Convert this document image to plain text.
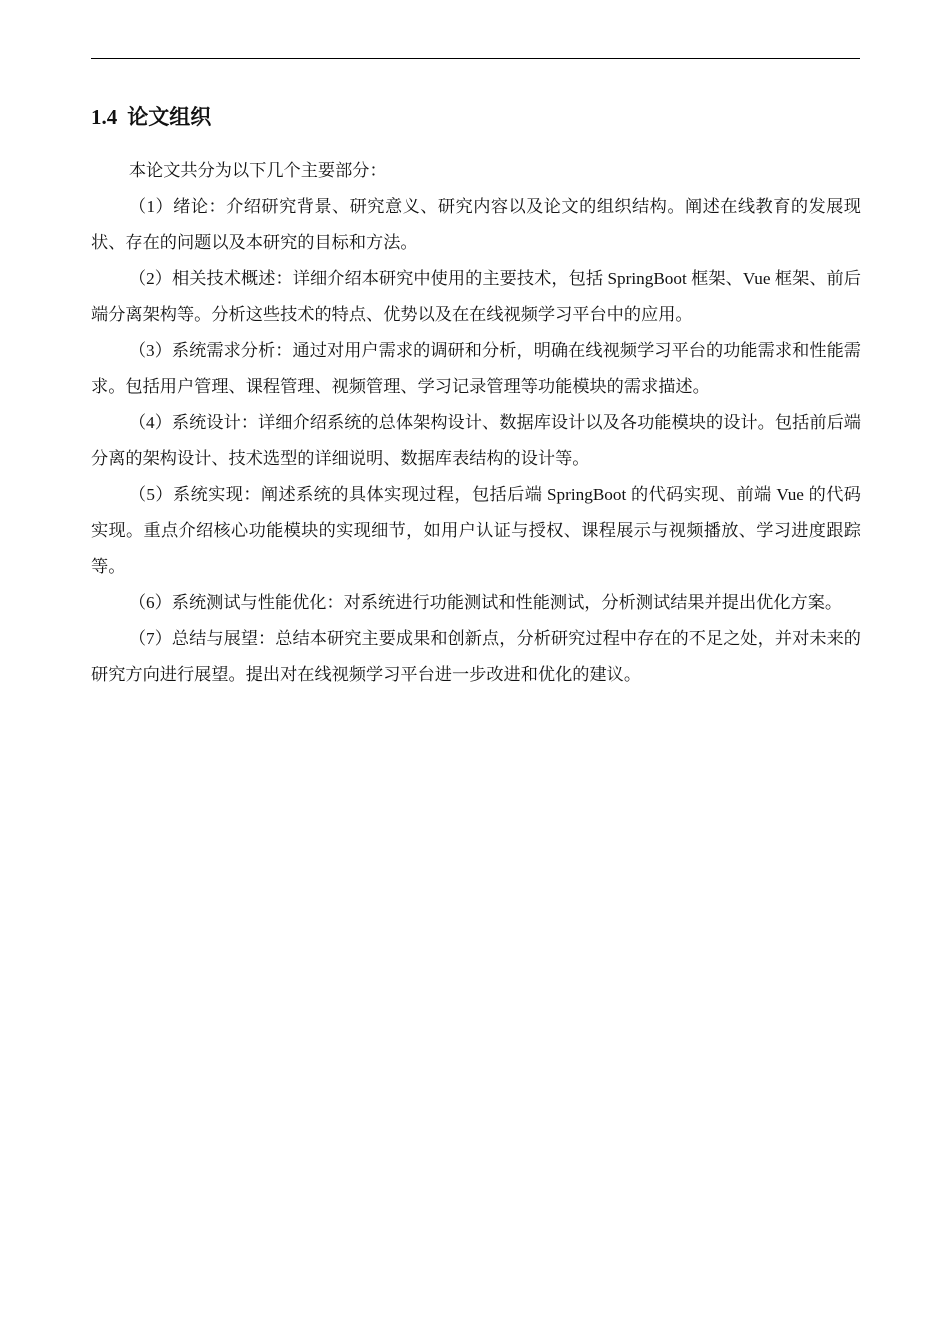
1.4 论文组织

本论文共分为以下几个主要部分：

（1）绪论：介绍研究背景、研究意义、研究内容以及论文的组织结构。阐述在线教育的发展现状、存在的问题以及本研究的目标和方法。

（2）相关技术概述：详细介绍本研究中使用的主要技术，包括 SpringBoot 框架、Vue 框架、前后端分离架构等。分析这些技术的特点、优势以及在在线视频学习平台中的应用。

（3）系统需求分析：通过对用户需求的调研和分析，明确在线视频学习平台的功能需求和性能需求。包括用户管理、课程管理、视频管理、学习记录管理等功能模块的需求描述。

（4）系统设计：详细介绍系统的总体架构设计、数据库设计以及各功能模块的设计。包括前后端分离的架构设计、技术选型的详细说明、数据库表结构的设计等。

（5）系统实现：阐述系统的具体实现过程，包括后端 SpringBoot 的代码实现、前端 Vue 的代码实现。重点介绍核心功能模块的实现细节，如用户认证与授权、课程展示与视频播放、学习进度跟踪等。

（6）系统测试与性能优化：对系统进行功能测试和性能测试，分析测试结果并提出优化方案。

（7）总结与展望：总结本研究主要成果和创新点，分析研究过程中存在的不足之处，并对未来的研究方向进行展望。提出对在线视频学习平台进一步改进和优化的建议。
